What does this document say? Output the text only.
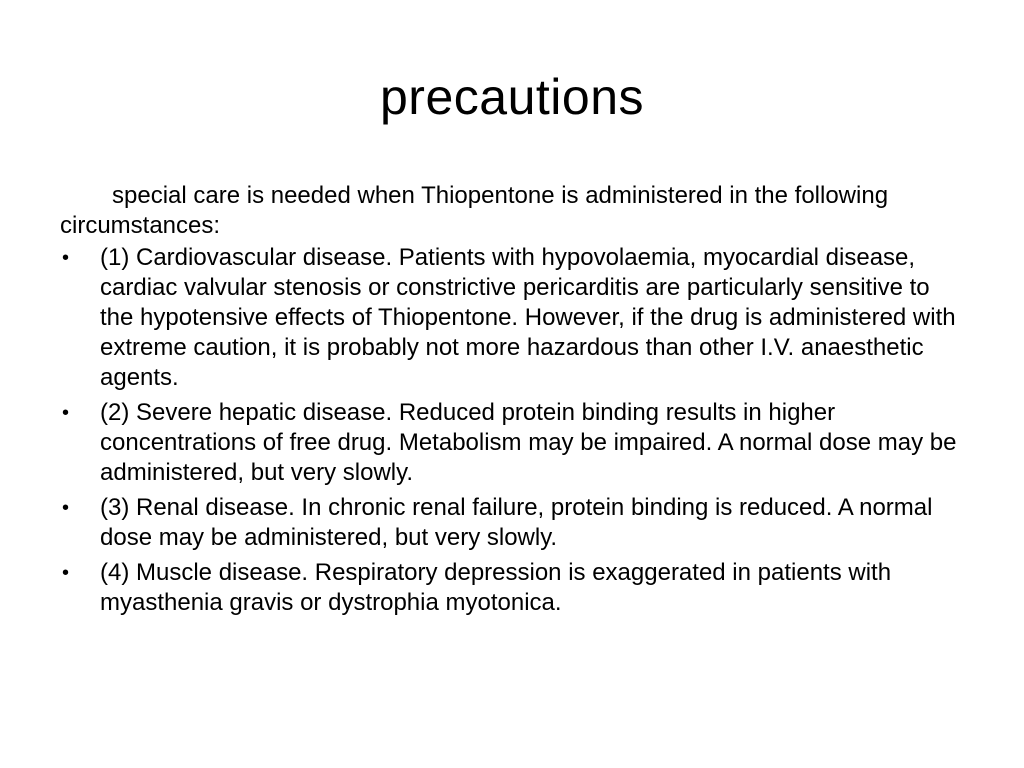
precautions

special care is needed when Thiopentone is administered in the following circumstances:

•	(1) Cardiovascular disease. Patients with hypovolaemia, myocardial disease, cardiac valvular stenosis or constrictive pericarditis are particularly sensitive to the hypotensive effects of Thiopentone. However, if the drug is administered with extreme caution, it is probably not more hazardous than other I.V. anaesthetic agents.
•	(2) Severe hepatic disease. Reduced protein binding results in higher concentrations of free drug. Metabolism may be impaired. A normal dose may be administered, but very slowly.
•	(3) Renal disease. In chronic renal failure, protein binding is reduced. A normal dose may be administered, but very slowly.
•	(4) Muscle disease. Respiratory depression is exaggerated in patients with myasthenia gravis or dystrophia myotonica.
